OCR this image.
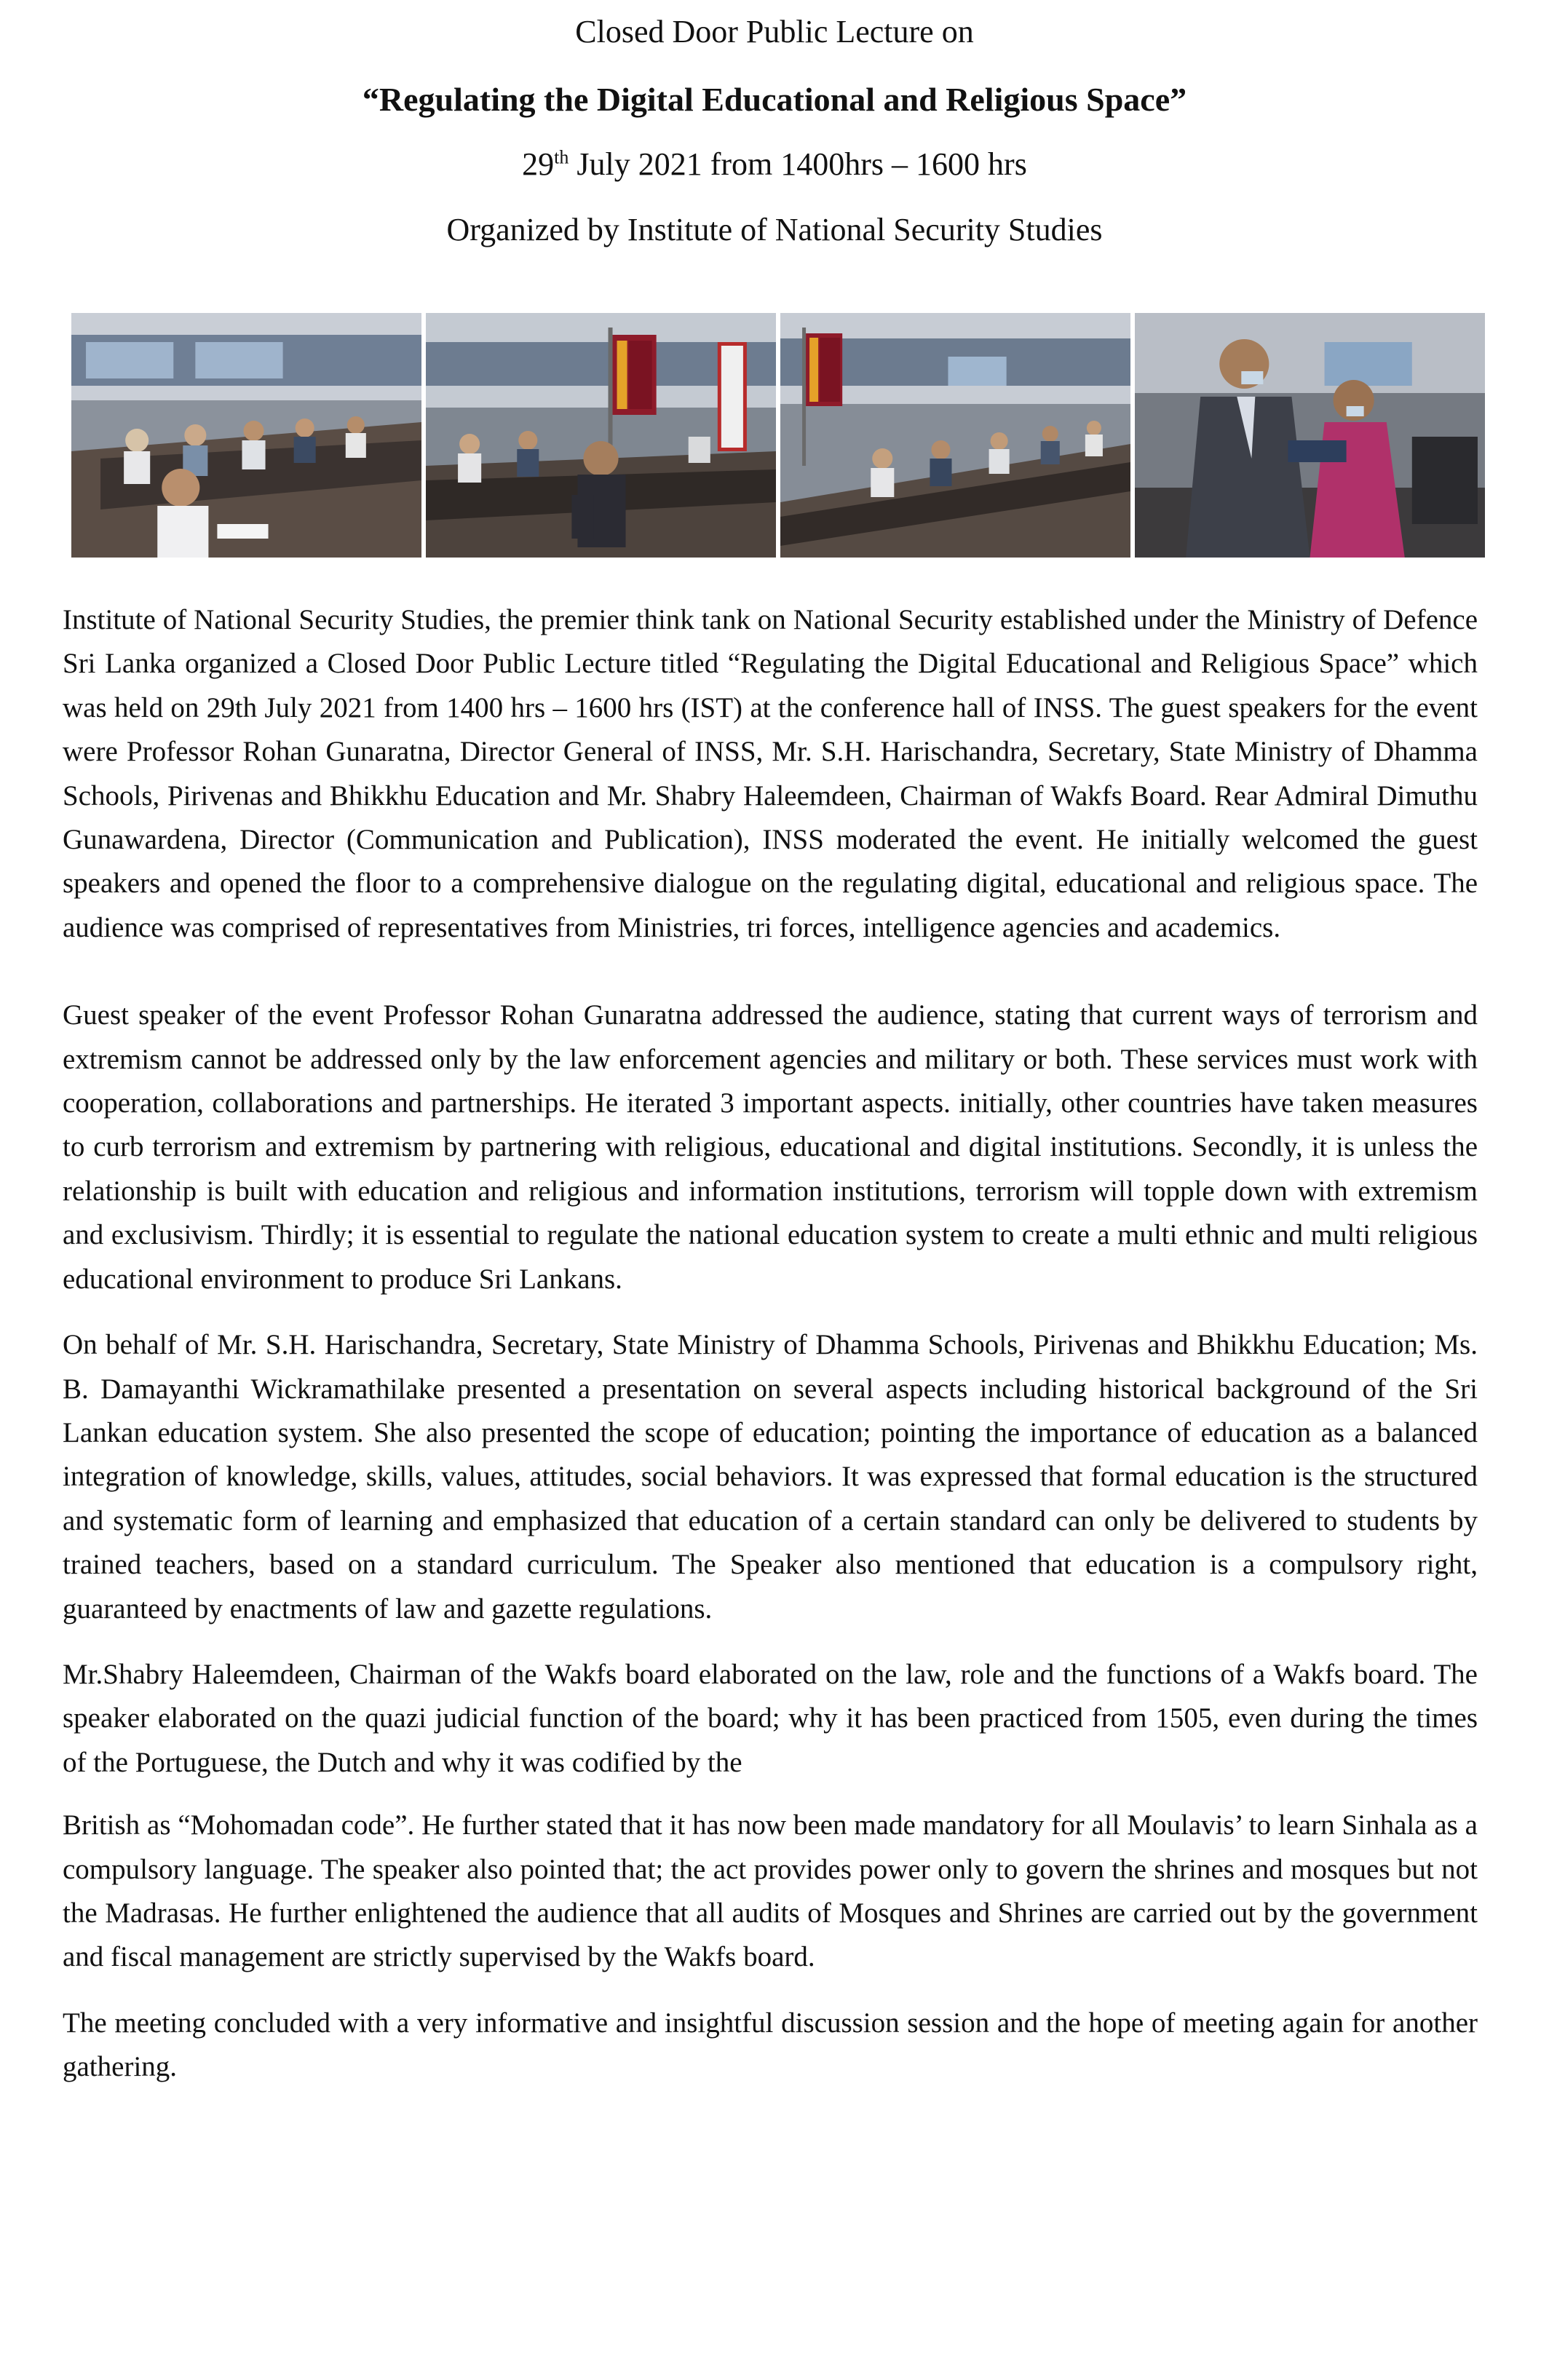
Closed Door Public Lecture on
“Regulating the Digital Educational and Religious Space”
29th July 2021 from 1400hrs – 1600 hrs
Organized by Institute of National Security Studies

Institute of National Security Studies, the premier think tank on National Security established under the Ministry of Defence Sri Lanka organized a Closed Door Public Lecture titled “Regulating the Digital Educational and Religious Space” which was held on 29th July 2021 from 1400 hrs – 1600 hrs (IST) at the conference hall of INSS. The guest speakers for the event were Professor Rohan Gunaratna, Director General of INSS, Mr. S.H. Harischandra, Secretary, State Ministry of Dhamma Schools, Pirivenas and Bhikkhu Education and Mr. Shabry Haleemdeen, Chairman of Wakfs Board. Rear Admiral Dimuthu Gunawardena, Director (Communication and Publication), INSS moderated the event. He initially welcomed the guest speakers and opened the floor to a comprehensive dialogue on the regulating digital, educational and religious space. The audience was comprised of representatives from Ministries, tri forces, intelligence agencies and academics.

Guest speaker of the event Professor Rohan Gunaratna addressed the audience, stating that current ways of terrorism and extremism cannot be addressed only by the law enforcement agencies and military or both. These services must work with cooperation, collaborations and partnerships. He iterated 3 important aspects. initially, other countries have taken measures to curb terrorism and extremism by partnering with religious, educational and digital institutions. Secondly, it is unless the relationship is built with education and religious and information institutions, terrorism will topple down with extremism and exclusivism. Thirdly; it is essential to regulate the national education system to create a multi ethnic and multi religious educational environment to produce Sri Lankans.

On behalf of Mr. S.H. Harischandra, Secretary, State Ministry of Dhamma Schools, Pirivenas and Bhikkhu Education; Ms. B. Damayanthi Wickramathilake presented a presentation on several aspects including historical background of the Sri Lankan education system. She also presented the scope of education; pointing the importance of education as a balanced integration of knowledge, skills, values, attitudes, social behaviors. It was expressed that formal education is the structured and systematic form of learning and emphasized that education of a certain standard can only be delivered to students by trained teachers, based on a standard curriculum. The Speaker also mentioned that education is a compulsory right, guaranteed by enactments of law and gazette regulations.

Mr.Shabry Haleemdeen, Chairman of the Wakfs board elaborated on the law, role and the functions of a Wakfs board. The speaker elaborated on the quazi judicial function of the board; why it has been practiced from 1505, even during the times of the Portuguese, the Dutch and why it was codified by the

British as “Mohomadan code”. He further stated that it has now been made mandatory for all Moulavis’ to learn Sinhala as a compulsory language. The speaker also pointed that; the act provides power only to govern the shrines and mosques but not the Madrasas. He further enlightened the audience that all audits of Mosques and Shrines are carried out by the government and fiscal management are strictly supervised by the Wakfs board.

The meeting concluded with a very informative and insightful discussion session and the hope of meeting again for another gathering.
